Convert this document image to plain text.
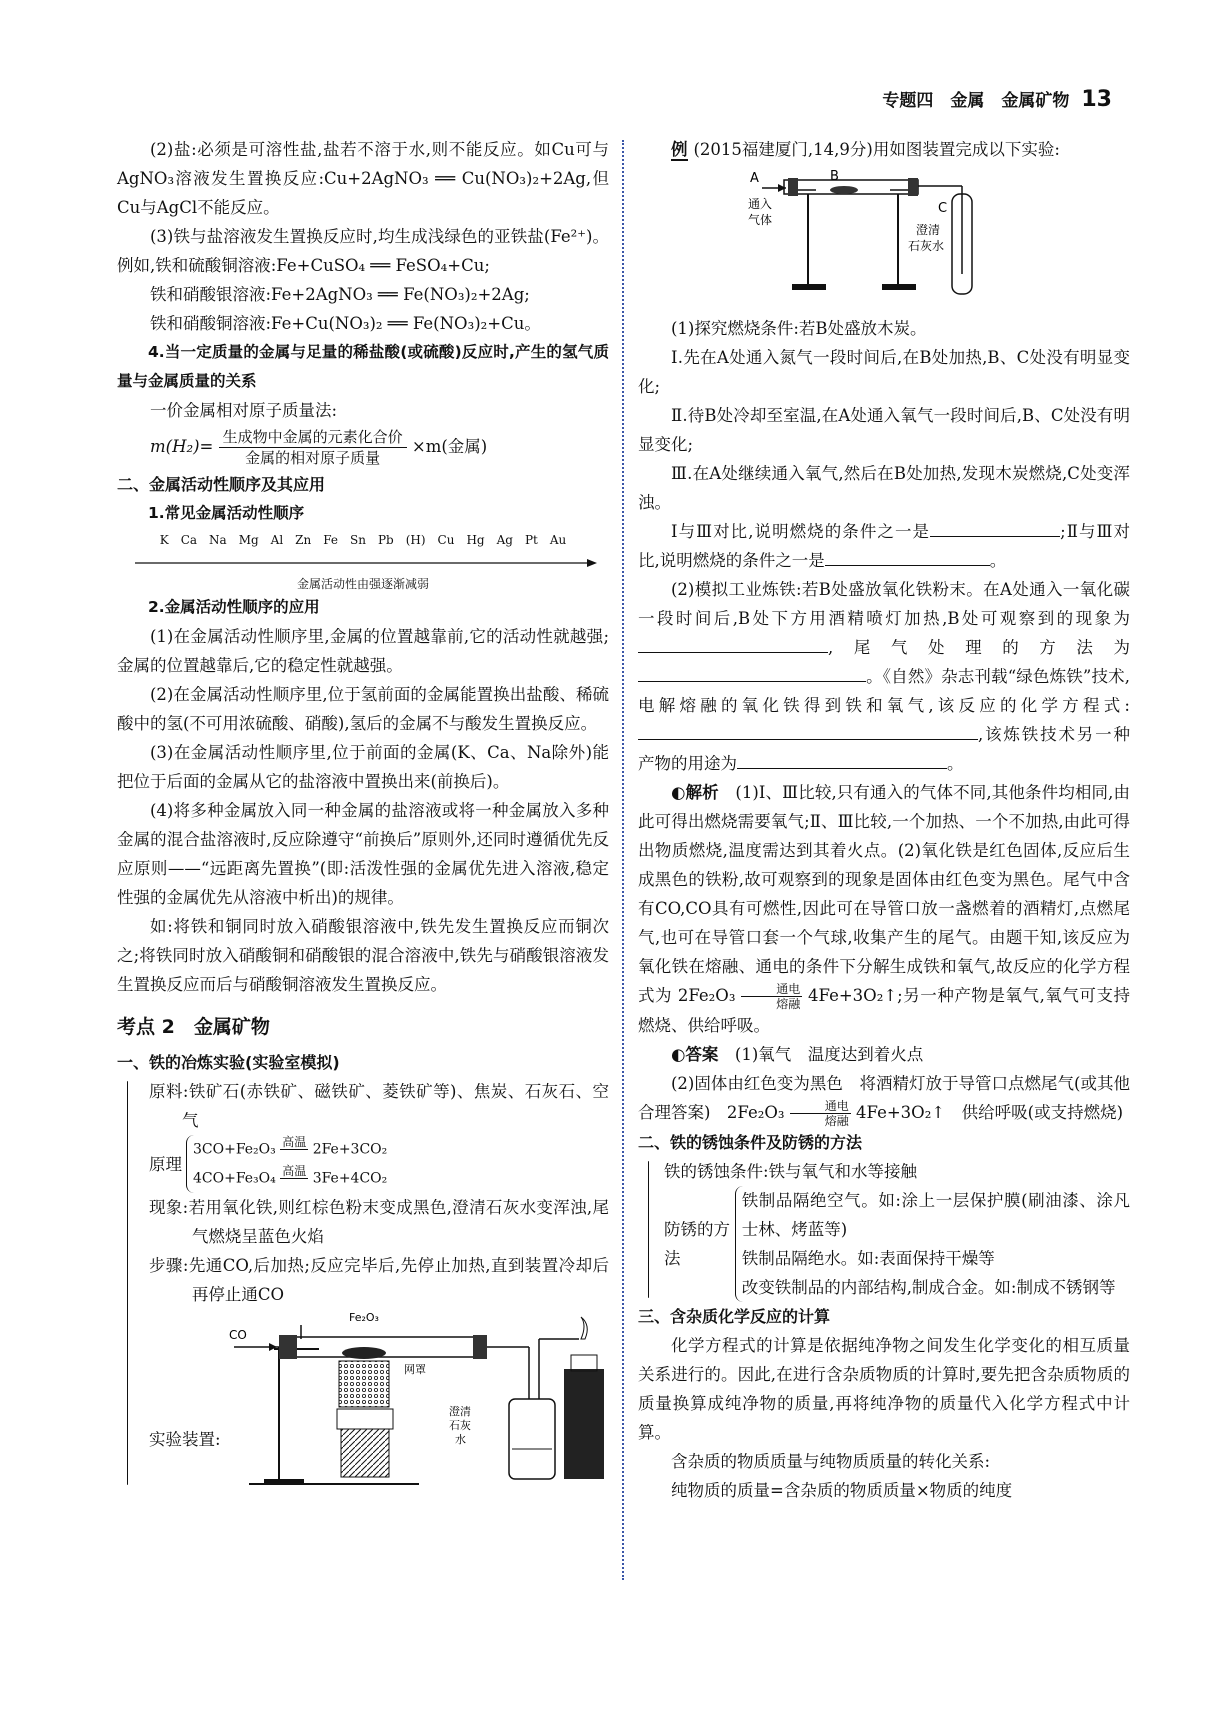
专题四　金属　金属矿物 13

(2)盐:必须是可溶性盐,盐若不溶于水,则不能反应。如Cu可与AgNO₃溶液发生置换反应:Cu+2AgNO₃ ══ Cu(NO₃)₂+2Ag,但Cu与AgCl不能反应。

(3)铁与盐溶液发生置换反应时,均生成浅绿色的亚铁盐(Fe²⁺)。例如,铁和硫酸铜溶液:Fe+CuSO₄ ══ FeSO₄+Cu;

铁和硝酸银溶液:Fe+2AgNO₃ ══ Fe(NO₃)₂+2Ag;

铁和硝酸铜溶液:Fe+Cu(NO₃)₂ ══ Fe(NO₃)₂+Cu。

4.当一定质量的金属与足量的稀盐酸(或硫酸)反应时,产生的氢气质量与金属质量的关系

一价金属相对原子质量法:

$m(H_2)= \frac{\text{生成物中金属的元素化合价}}{\text{金属的相对原子质量}} \times m$(金属)

二、金属活动性顺序及其应用

1.常见金属活动性顺序

K　Ca　Na　Mg　Al　Zn　Fe　Sn　Pb　(H)　Cu　Hg　Ag　Pt　Au
金属活动性由强逐渐减弱

2.金属活动性顺序的应用

(1)在金属活动性顺序里,金属的位置越靠前,它的活动性就越强;金属的位置越靠后,它的稳定性就越强。

(2)在金属活动性顺序里,位于氢前面的金属能置换出盐酸、稀硫酸中的氢(不可用浓硫酸、硝酸),氢后的金属不与酸发生置换反应。

(3)在金属活动性顺序里,位于前面的金属(K、Ca、Na除外)能把位于后面的金属从它的盐溶液中置换出来(前换后)。

(4)将多种金属放入同一种金属的盐溶液或将一种金属放入多种金属的混合盐溶液时,反应除遵守“前换后”原则外,还同时遵循优先反应原则——“远距离先置换”(即:活泼性强的金属优先进入溶液,稳定性强的金属优先从溶液中析出)的规律。

如:将铁和铜同时放入硝酸银溶液中,铁先发生置换反应而铜次之;将铁同时放入硝酸铜和硝酸银的混合溶液中,铁先与硝酸银溶液发生置换反应而后与硝酸铜溶液发生置换反应。

考点 2　金属矿物

一、铁的冶炼实验(实验室模拟)

原料:铁矿石(赤铁矿、磁铁矿、菱铁矿等)、焦炭、石灰石、空气

原理
3CO+Fe₂O₃ 高温
2Fe+3CO₂
4CO+Fe₃O₄ 高温
3Fe+4CO₂

现象:若用氧化铁,则红棕色粉末变成黑色,澄清石灰水变浑浊,尾气燃烧呈蓝色火焰

步骤:先通CO,后加热;反应完毕后,先停止加热,直到装置冷却后再停止通CO

实验装置:
CO
Fe₂O₃
网罩
澄清
石灰
水

例 (2015福建厦门,14,9分)用如图装置完成以下实验:

A	B
C
通入
气体
澄清
石灰水

(1)探究燃烧条件:若B处盛放木炭。

Ⅰ.先在A处通入氮气一段时间后,在B处加热,B、C处没有明显变化;

Ⅱ.待B处冷却至室温,在A处通入氧气一段时间后,B、C处没有明显变化;

Ⅲ.在A处继续通入氧气,然后在B处加热,发现木炭燃烧,C处变浑浊。

Ⅰ与Ⅲ对比,说明燃烧的条件之一是	;Ⅱ与Ⅲ对比,说明燃烧的条件之一是	。

(2)模拟工业炼铁:若B处盛放氧化铁粉末。在A处通入一氧化碳一段时间后,B处下方用酒精喷灯加热,B处可观察到的现象为,尾气处理的方法为。《自然》杂志刊载“绿色炼铁”技术,电解熔融的氧化铁得到铁和氧气,该反应的化学方程式:,该炼铁技术另一种产物的用途为	。

◐解析　 (1)Ⅰ、Ⅲ比较,只有通入的气体不同,其他条件均相同,由此可得出燃烧需要氧气;Ⅱ、Ⅲ比较,一个加热、一个不加热,由此可得出物质燃烧,温度需达到其着火点。(2)氧化铁是红色固体,反应后生成黑色的铁粉,故可观察到的现象是固体由红色变为黑色。尾气中含有CO,CO具有可燃性,因此可在导管口放一盏燃着的酒精灯,点燃尾气,也可在导管口套一个气球,收集产生的尾气。由题干知,该反应为氧化铁在熔融、通电的条件下分解生成铁和氧气,故反应的化学方程式为 2Fe₂O₃	通电
熔融 4Fe+3O₂↑;另一种产物是氧气,氧气可支持燃烧、供给呼吸。

◐答案　 (1)氧气　温度达到着火点

(2)固体由红色变为黑色　将酒精灯放于导管口点燃尾气(或其他合理答案)　2Fe₂O₃	通电
熔融 4Fe+3O₂↑　供给呼吸(或支持燃烧)

二、铁的锈蚀条件及防锈的方法

铁的锈蚀条件:铁与氧气和水等接触

防锈的方法

铁制品隔绝空气。如:涂上一层保护膜(刷油漆、涂凡士林、烤蓝等)

铁制品隔绝水。如:表面保持干燥等

改变铁制品的内部结构,制成合金。如:制成不锈钢等

三、含杂质化学反应的计算

化学方程式的计算是依据纯净物之间发生化学变化的相互质量关系进行的。因此,在进行含杂质物质的计算时,要先把含杂质物质的质量换算成纯净物的质量,再将纯净物的质量代入化学方程式中计算。

含杂质的物质质量与纯物质质量的转化关系:

纯物质的质量=含杂质的物质质量×物质的纯度
